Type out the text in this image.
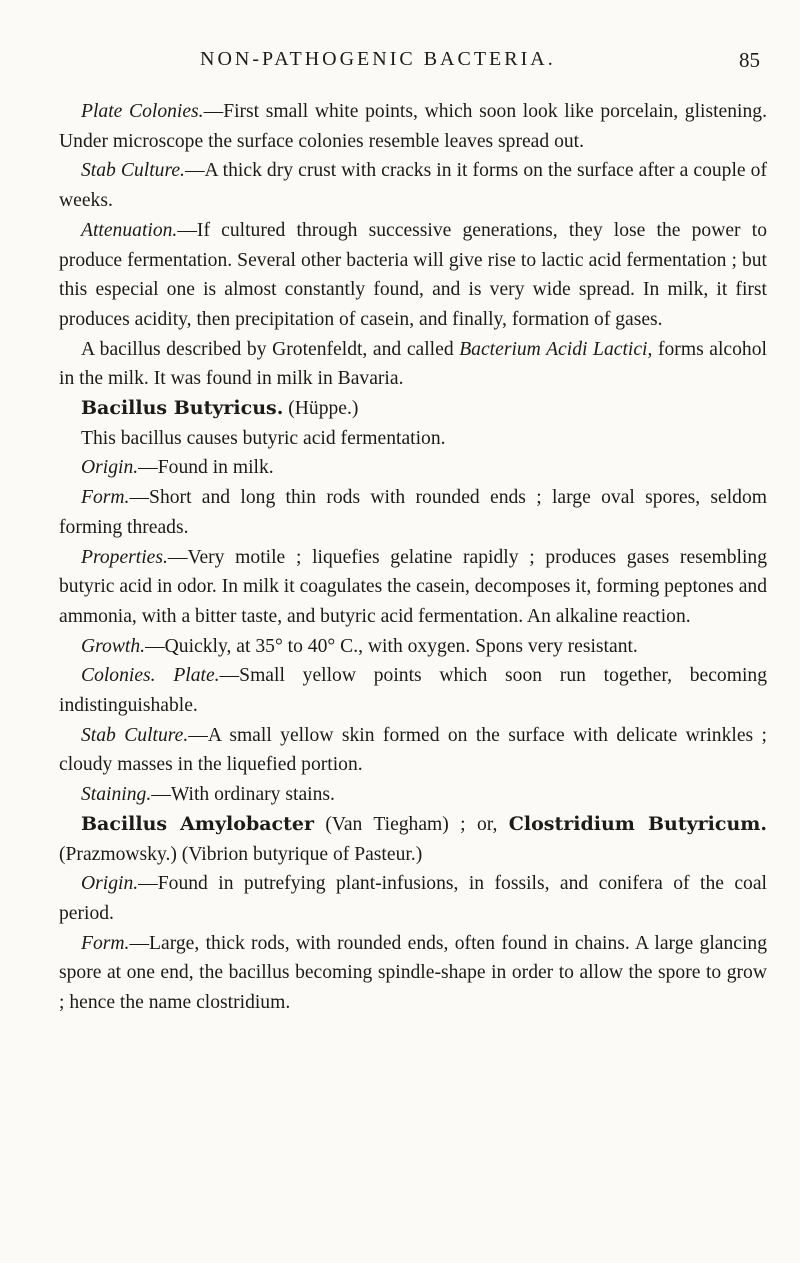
NON-PATHOGENIC BACTERIA.	85

Plate Colonies.—First small white points, which soon look like porcelain, glistening. Under microscope the surface colonies resemble leaves spread out.

Stab Culture.—A thick dry crust with cracks in it forms on the surface after a couple of weeks.

Attenuation.—If cultured through successive generations, they lose the power to produce fermentation. Several other bacteria will give rise to lactic acid fermentation ; but this especial one is almost constantly found, and is very wide spread. In milk, it first produces acidity, then precipitation of casein, and finally, formation of gases.

A bacillus described by Grotenfeldt, and called Bacterium Acidi Lactici, forms alcohol in the milk. It was found in milk in Bavaria.

Bacillus Butyricus. (Hüppe.)

This bacillus causes butyric acid fermentation.

Origin.—Found in milk.

Form.—Short and long thin rods with rounded ends ; large oval spores, seldom forming threads.

Properties.—Very motile ; liquefies gelatine rapidly ; produces gases resembling butyric acid in odor. In milk it coagulates the casein, decomposes it, forming peptones and ammonia, with a bitter taste, and butyric acid fermentation. An alkaline reaction.

Growth.—Quickly, at 35° to 40° C., with oxygen. Spons very resistant.

Colonies. Plate.—Small yellow points which soon run together, becoming indistinguishable.

Stab Culture.—A small yellow skin formed on the surface with delicate wrinkles ; cloudy masses in the liquefied portion.

Staining.—With ordinary stains.

Bacillus Amylobacter (Van Tiegham) ; or, Clostridium Butyricum. (Prazmowsky.) (Vibrion butyrique of Pasteur.)

Origin.—Found in putrefying plant-infusions, in fossils, and conifera of the coal period.

Form.—Large, thick rods, with rounded ends, often found in chains. A large glancing spore at one end, the bacillus becoming spindle-shape in order to allow the spore to grow ; hence the name clostridium.
